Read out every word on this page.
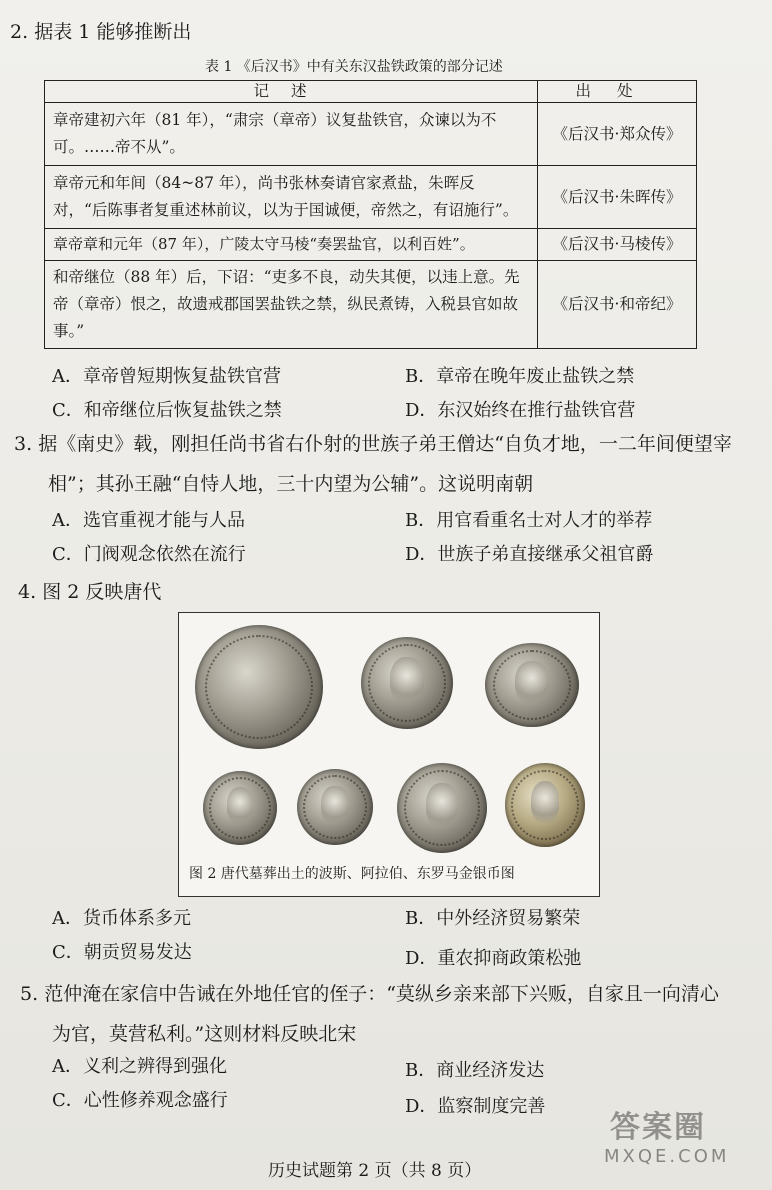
2. 据表 1 能够推断出
表 1 《后汉书》中有关东汉盐铁政策的部分记述
记述	出处
章帝建初六年（81 年），“肃宗（章帝）议复盐铁官，众谏以为不可。……帝不从”。	《后汉书·郑众传》
章帝元和年间（84~87 年），尚书张林奏请官家煮盐，朱晖反对，“后陈事者复重述林前议，以为于国诚便，帝然之，有诏施行”。	《后汉书·朱晖传》
章帝章和元年（87 年），广陵太守马棱“奏罢盐官，以利百姓”。	《后汉书·马棱传》
和帝继位（88 年）后，下诏：“吏多不良，动失其便，以违上意。先帝（章帝）恨之，故遗戒郡国罢盐铁之禁，纵民煮铸，入税县官如故事。”	《后汉书·和帝纪》
A．章帝曾短期恢复盐铁官营	B．章帝在晚年废止盐铁之禁
C．和帝继位后恢复盐铁之禁	D．东汉始终在推行盐铁官营
3. 据《南史》载，刚担任尚书省右仆射的世族子弟王僧达“自负才地，一二年间便望宰
相”；其孙王融“自恃人地，三十内望为公辅”。这说明南朝
A．选官重视才能与人品	B．用官看重名士对人才的举荐
C．门阀观念依然在流行	D．世族子弟直接继承父祖官爵
4. 图 2 反映唐代
图 2 唐代墓葬出土的波斯、阿拉伯、东罗马金银币图
A．货币体系多元	B．中外经济贸易繁荣
C．朝贡贸易发达	D．重农抑商政策松弛
5. 范仲淹在家信中告诫在外地任官的侄子：“莫纵乡亲来部下兴贩，自家且一向清心
为官，莫营私利。”这则材料反映北宋
A．义利之辨得到强化	B．商业经济发达
C．心性修养观念盛行	D．监察制度完善
历史试题第 2 页（共 8 页）
答案圈
MXQE.COM
